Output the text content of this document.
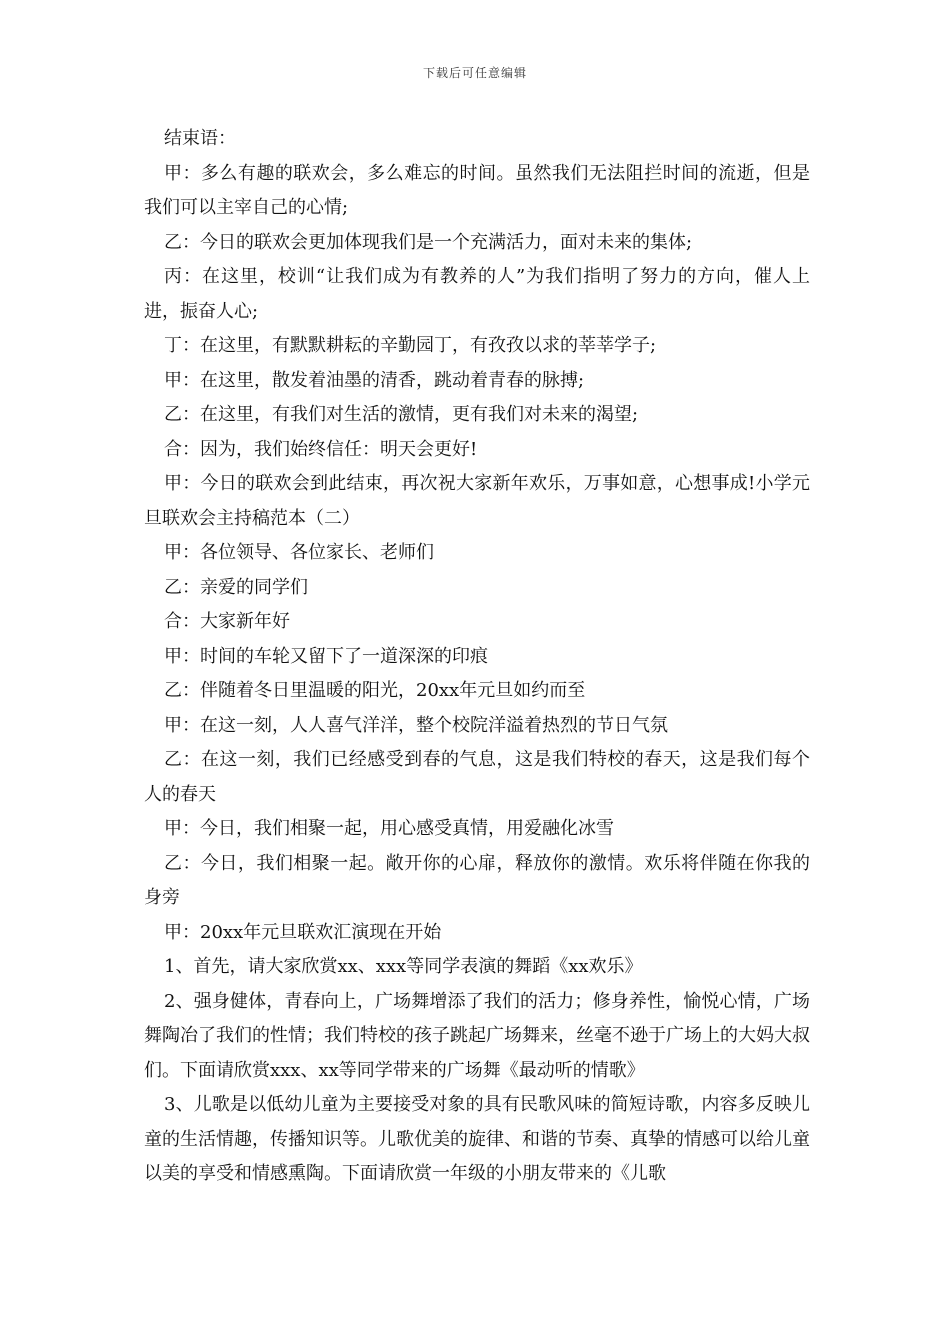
下载后可任意编辑

结束语：

甲：多么有趣的联欢会，多么难忘的时间。虽然我们无法阻拦时间的流逝，但是我们可以主宰自己的心情;

乙：今日的联欢会更加体现我们是一个充满活力，面对未来的集体;

丙：在这里，校训“让我们成为有教养的人”为我们指明了努力的方向，催人上进，振奋人心;

丁：在这里，有默默耕耘的辛勤园丁，有孜孜以求的莘莘学子;

甲：在这里，散发着油墨的清香，跳动着青春的脉搏;

乙：在这里，有我们对生活的激情，更有我们对未来的渴望;

合：因为，我们始终信任：明天会更好!

甲：今日的联欢会到此结束，再次祝大家新年欢乐，万事如意，心想事成!小学元旦联欢会主持稿范本（二）

甲：各位领导、各位家长、老师们

乙：亲爱的同学们

合：大家新年好

甲：时间的车轮又留下了一道深深的印痕

乙：伴随着冬日里温暖的阳光，20xx年元旦如约而至

甲：在这一刻，人人喜气洋洋，整个校院洋溢着热烈的节日气氛

乙：在这一刻，我们已经感受到春的气息，这是我们特校的春天，这是我们每个人的春天

甲：今日，我们相聚一起，用心感受真情，用爱融化冰雪

乙：今日，我们相聚一起。敞开你的心扉，释放你的激情。欢乐将伴随在你我的身旁

甲：20xx年元旦联欢汇演现在开始

1、首先，请大家欣赏xx、xxx等同学表演的舞蹈《xx欢乐》

2、强身健体，青春向上，广场舞增添了我们的活力；修身养性，愉悦心情，广场舞陶冶了我们的性情；我们特校的孩子跳起广场舞来，丝毫不逊于广场上的大妈大叔们。下面请欣赏xxx、xx等同学带来的广场舞《最动听的情歌》

3、儿歌是以低幼儿童为主要接受对象的具有民歌风味的简短诗歌，内容多反映儿童的生活情趣，传播知识等。儿歌优美的旋律、和谐的节奏、真挚的情感可以给儿童以美的享受和情感熏陶。下面请欣赏一年级的小朋友带来的《儿歌
